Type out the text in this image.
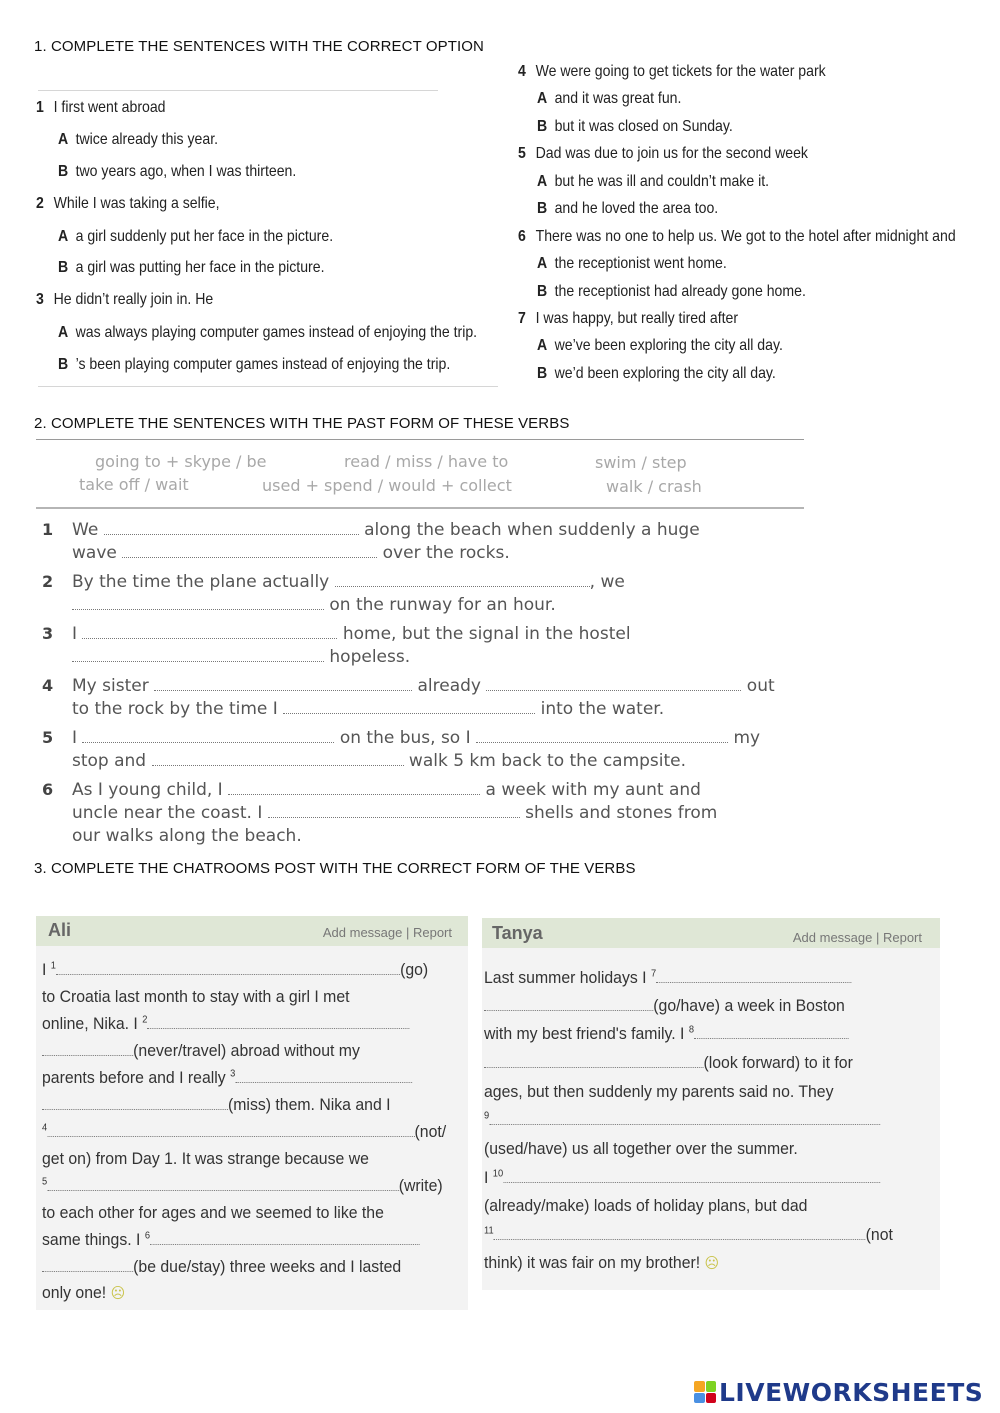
1. COMPLETE THE SENTENCES WITH THE CORRECT OPTION
1 I first went abroad
A twice already this year.
B two years ago, when I was thirteen.
2 While I was taking a selfie,
A a girl suddenly put her face in the picture.
B a girl was putting her face in the picture.
3 He didn’t really join in. He
A was always playing computer games instead of enjoying the trip.
B ’s been playing computer games instead of enjoying the trip.
4 We were going to get tickets for the water park
A and it was great fun.
B but it was closed on Sunday.
5 Dad was due to join us for the second week
A but he was ill and couldn’t make it.
B and he loved the area too.
6 There was no one to help us. We got to the hotel after midnight and
A the receptionist went home.
B the receptionist had already gone home.
7 I was happy, but really tired after
A we’ve been exploring the city all day.
B we’d been exploring the city all day.
2. COMPLETE THE SENTENCES WITH THE PAST FORM OF THESE VERBS
going to + skype / be	read / miss / have to	swim / step
take off / wait	used + spend / would + collect	walk / crash
1 We	along the beach when suddenly a huge
wave	over the rocks.
2 By the time the plane actually	, we
on the runway for an hour.
3 I	home, but the signal in the hostel
hopeless.
4 My sister	already	out
to the rock by the time I	into the water.
5 I	on the bus, so I	my
stop and	walk 5 km back to the campsite.
6 As I young child, I	a week with my aunt and
uncle near the coast. I	shells and stones from
our walks along the beach.
3. COMPLETE THE CHATROOMS POST WITH THE CORRECT FORM OF THE VERBS
Ali	Add message | Report
I $^1$	(go)
to Croatia last month to stay with a girl I met
online, Nika. I $^2$
(never/travel) abroad without my
parents before and I really $^3$
(miss) them. Nika and I
$^4$	(not/
get on) from Day 1. It was strange because we
$^5$	(write)
to each other for ages and we seemed to like the
same things. I $^6$
(be due/stay) three weeks and I lasted
only one! ☹
Tanya	Add message | Report
Last summer holidays I $^7$
(go/have) a week in Boston
with my best friend's family. I $^8$
(look forward) to it for
ages, but then suddenly my parents said no. They
$^9$
(used/have) us all together over the summer.
I $^{10}$
(already/make) loads of holiday plans, but dad
$^{11}$	(not
think) it was fair on my brother! ☹
LIVEWORKSHEETS
